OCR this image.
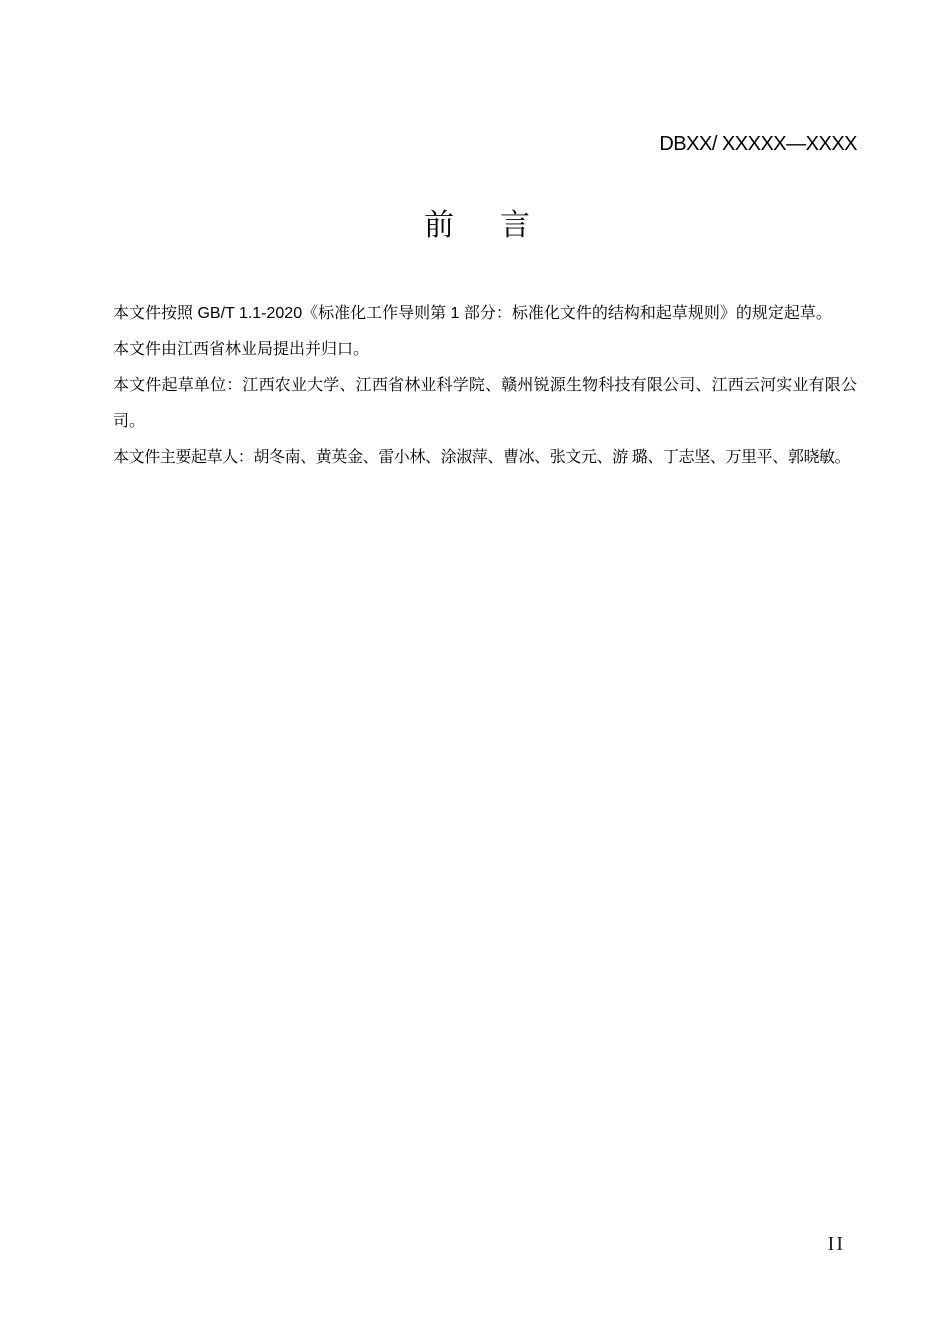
DBXX/ XXXXX—XXXX

前　言

本文件按照 GB/T 1.1-2020《标准化工作导则第 1 部分：标准化文件的结构和起草规则》的规定起草。

本文件由江西省林业局提出并归口。

本文件起草单位：江西农业大学、江西省林业科学院、赣州锐源生物科技有限公司、江西云河实业有限公司。

本文件主要起草人：胡冬南、黄英金、雷小林、涂淑萍、曹冰、张文元、游 璐、丁志坚、万里平、郭晓敏。

II
